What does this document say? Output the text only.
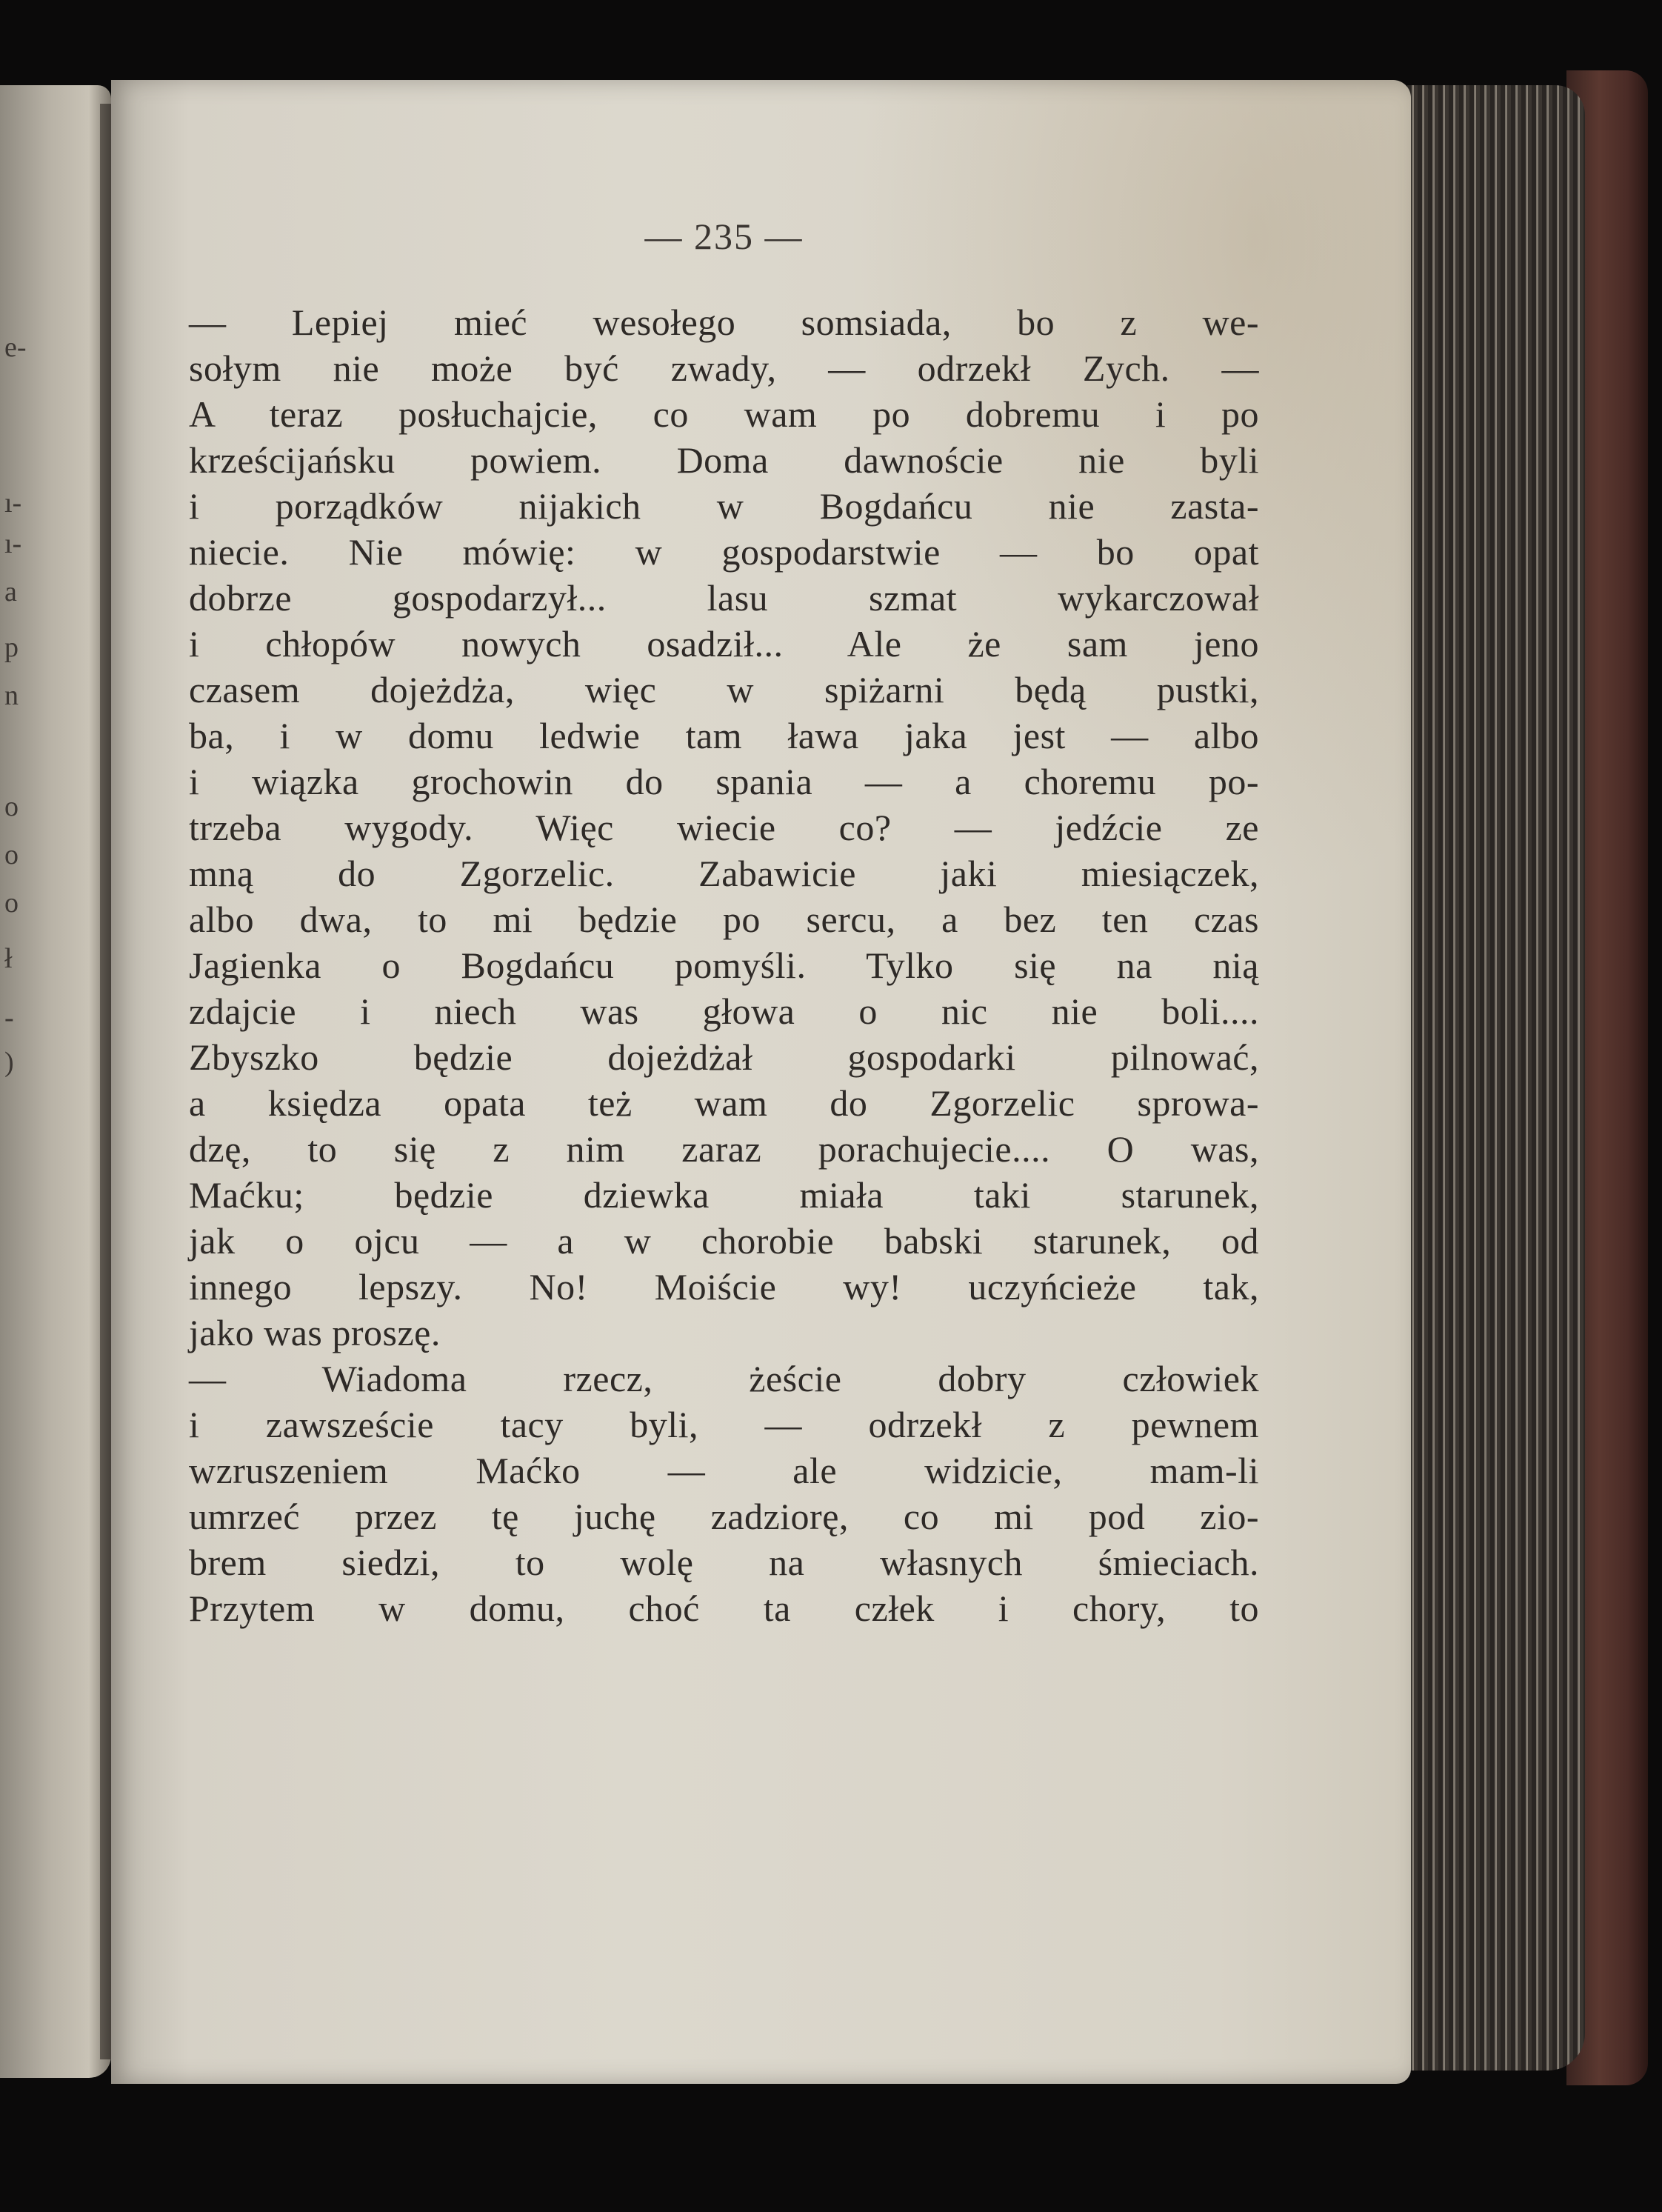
e-
ı-
ı-
a
p
n
o
o
o
ł
-
)
— 235 —
— Lepiej mieć wesołego somsiada, bo z we-
sołym nie może być zwady, — odrzekł Zych. —
A teraz posłuchajcie, co wam po dobremu i po
krześcijańsku powiem. Doma dawnoście nie byli
i porządków nijakich w Bogdańcu nie zasta-
niecie. Nie mówię: w gospodarstwie — bo opat
dobrze gospodarzył... lasu szmat wykarczował
i chłopów nowych osadził... Ale że sam jeno
czasem dojeżdża, więc w spiżarni będą pustki,
ba, i w domu ledwie tam ława jaka jest — albo
i wiązka grochowin do spania — a choremu po-
trzeba wygody. Więc wiecie co? — jedźcie ze
mną do Zgorzelic. Zabawicie jaki miesiączek,
albo dwa, to mi będzie po sercu, a bez ten czas
Jagienka o Bogdańcu pomyśli. Tylko się na nią
zdajcie i niech was głowa o nic nie boli....
Zbyszko będzie dojeżdżał gospodarki pilnować,
a księdza opata też wam do Zgorzelic sprowa-
dzę, to się z nim zaraz porachujecie.... O was,
Maćku; będzie dziewka miała taki starunek,
jak o ojcu — a w chorobie babski starunek, od
innego lepszy. No! Moiście wy! uczyńcieże tak,
jako was proszę.
— Wiadoma rzecz, żeście dobry człowiek
i zawszeście tacy byli, — odrzekł z pewnem
wzruszeniem Maćko — ale widzicie, mam-li
umrzeć przez tę juchę zadziorę, co mi pod zio-
brem siedzi, to wolę na własnych śmieciach.
Przytem w domu, choć ta człek i chory, to
